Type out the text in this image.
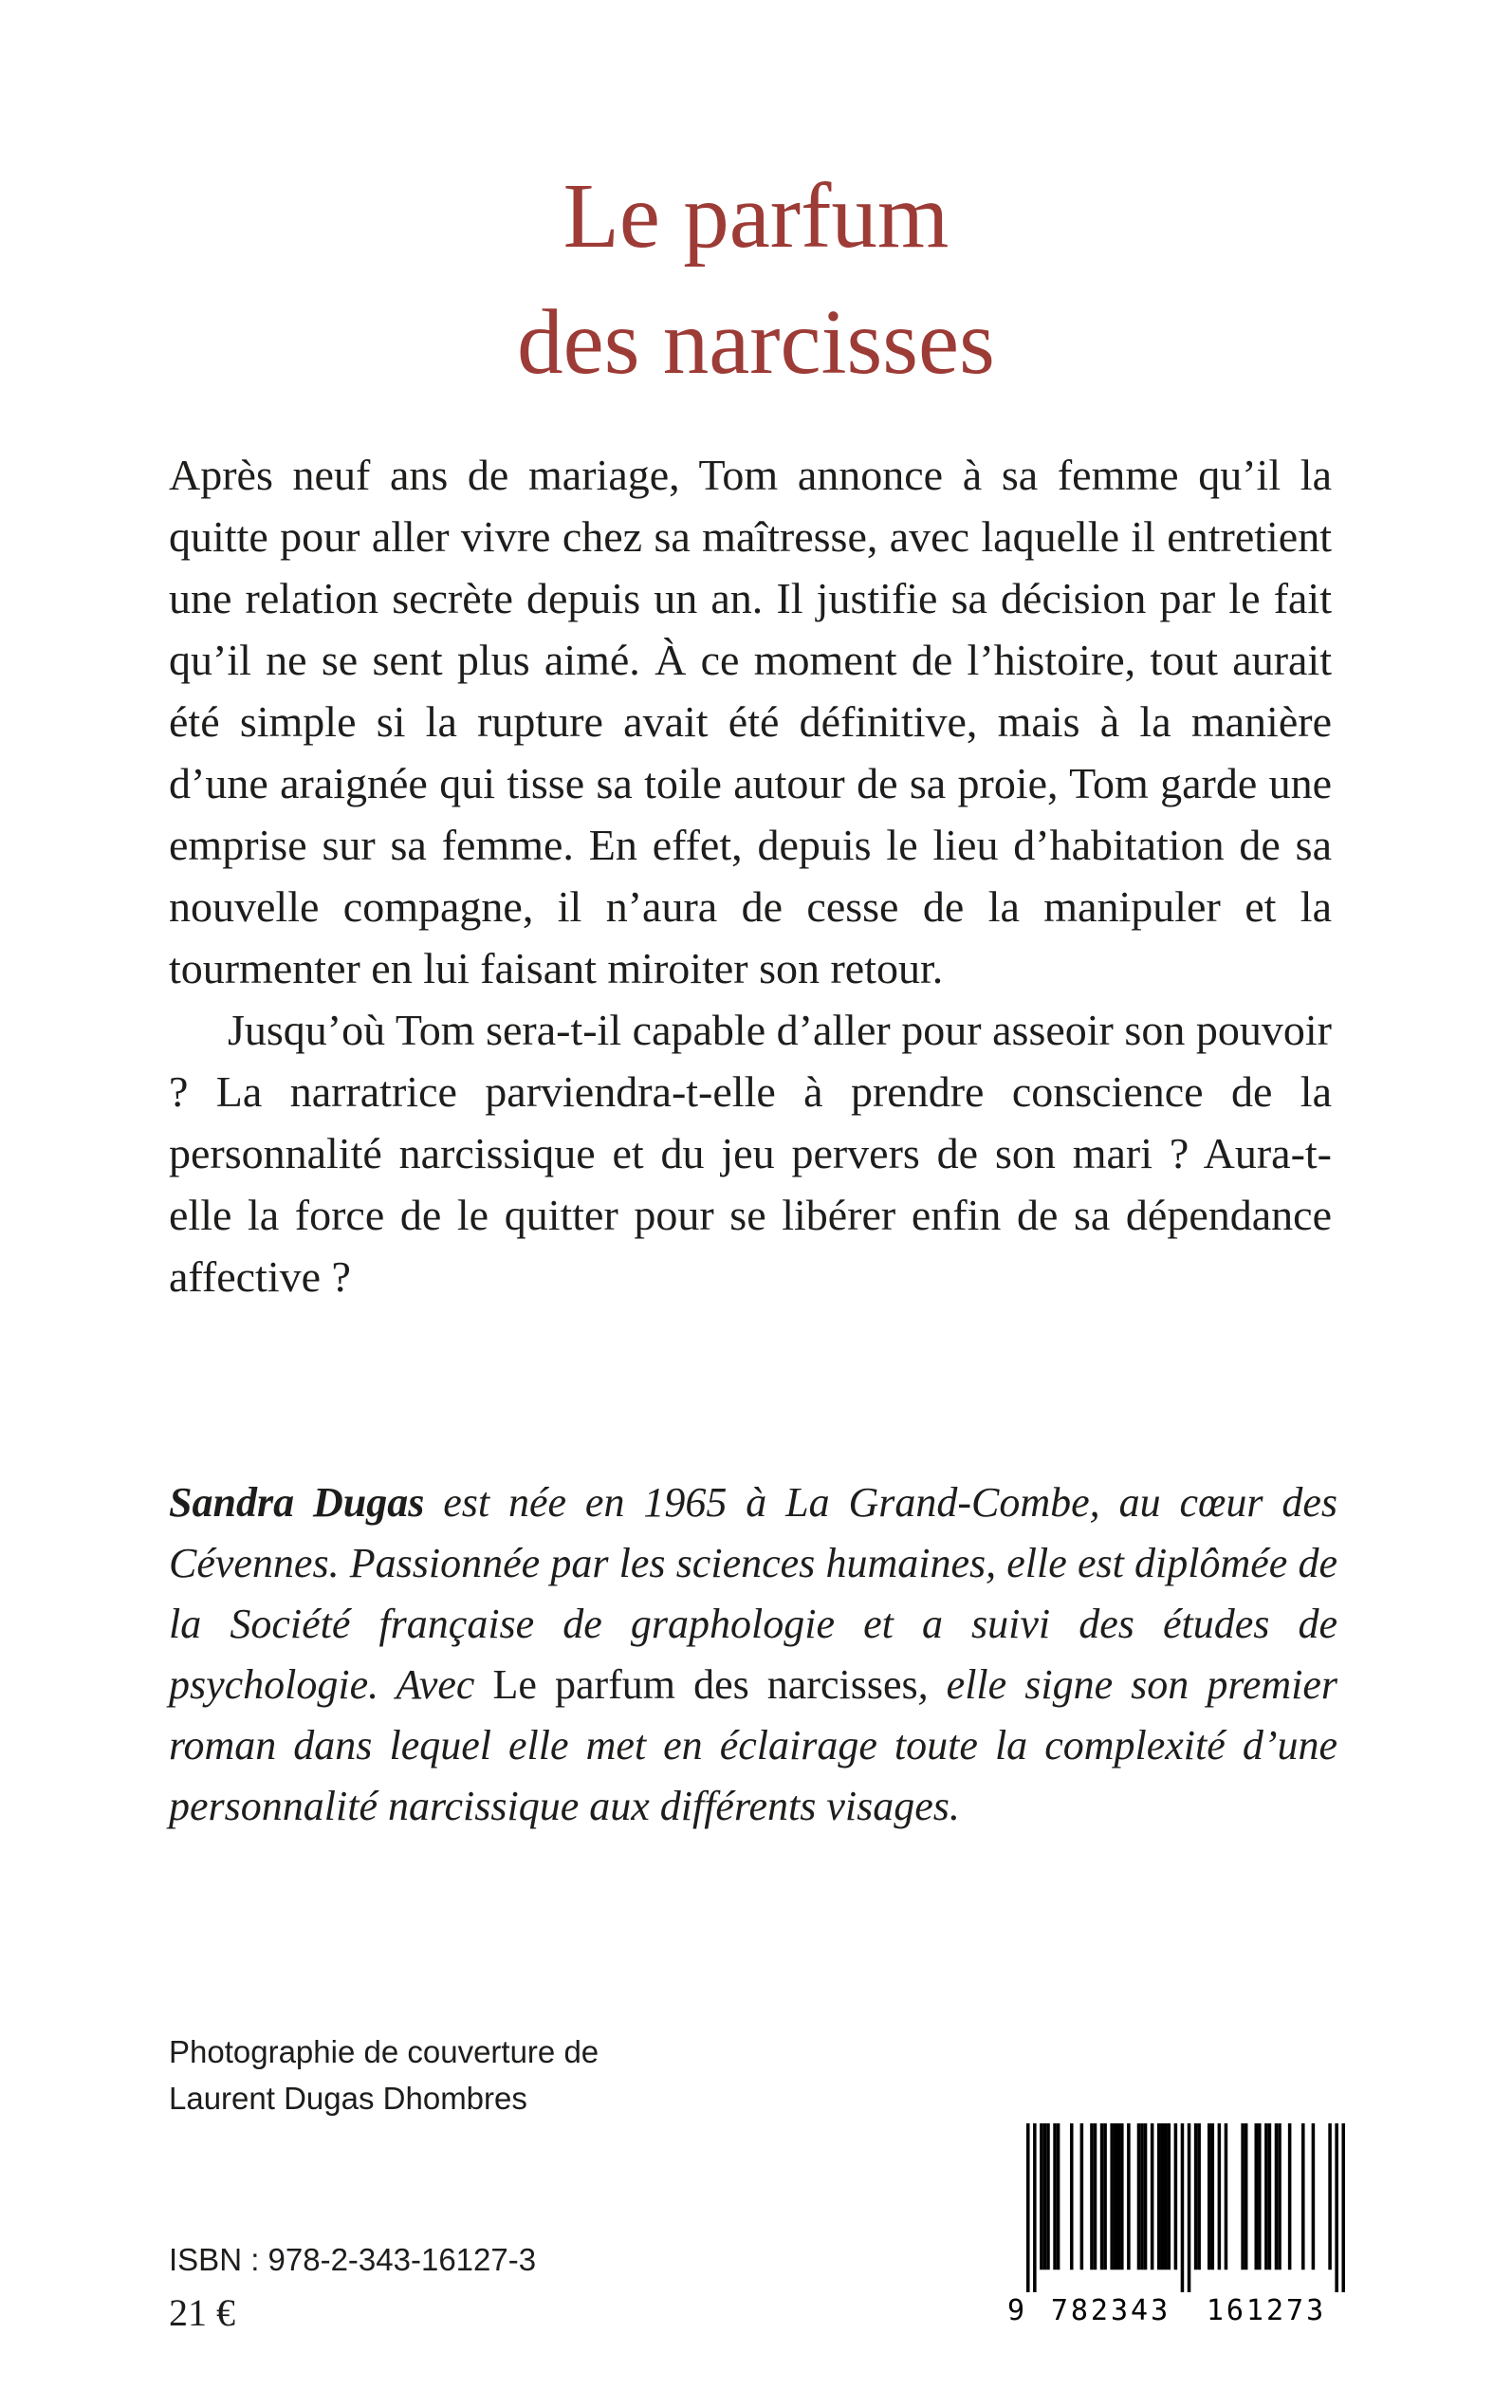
Le parfum
des narcisses

Après neuf ans de mariage, Tom annonce à sa femme qu’il la quitte pour aller vivre chez sa maîtresse, avec laquelle il entretient une relation secrète depuis un an. Il justifie sa décision par le fait qu’il ne se sent plus aimé. À ce moment de l’histoire, tout aurait été simple si la rupture avait été définitive, mais à la manière d’une araignée qui tisse sa toile autour de sa proie, Tom garde une emprise sur sa femme. En effet, depuis le lieu d’habitation de sa nouvelle compagne, il n’aura de cesse de la manipuler et la tourmenter en lui faisant miroiter son retour.

Jusqu’où Tom sera-t-il capable d’aller pour asseoir son pouvoir ? La narratrice parviendra-t-elle à prendre conscience de la personnalité narcissique et du jeu pervers de son mari ? Aura-t-elle la force de le quitter pour se libérer enfin de sa dépendance affective ?

Sandra Dugas est née en 1965 à La Grand-Combe, au cœur des Cévennes. Passionnée par les sciences humaines, elle est diplômée de la Société française de graphologie et a suivi des études de psychologie. Avec Le parfum des narcisses, elle signe son premier roman dans lequel elle met en éclairage toute la complexité d’une personnalité narcissique aux différents visages.

Photographie de couverture de
Laurent Dugas Dhombres
ISBN : 978-2-343-16127-3
21 €	9 782343	161273
